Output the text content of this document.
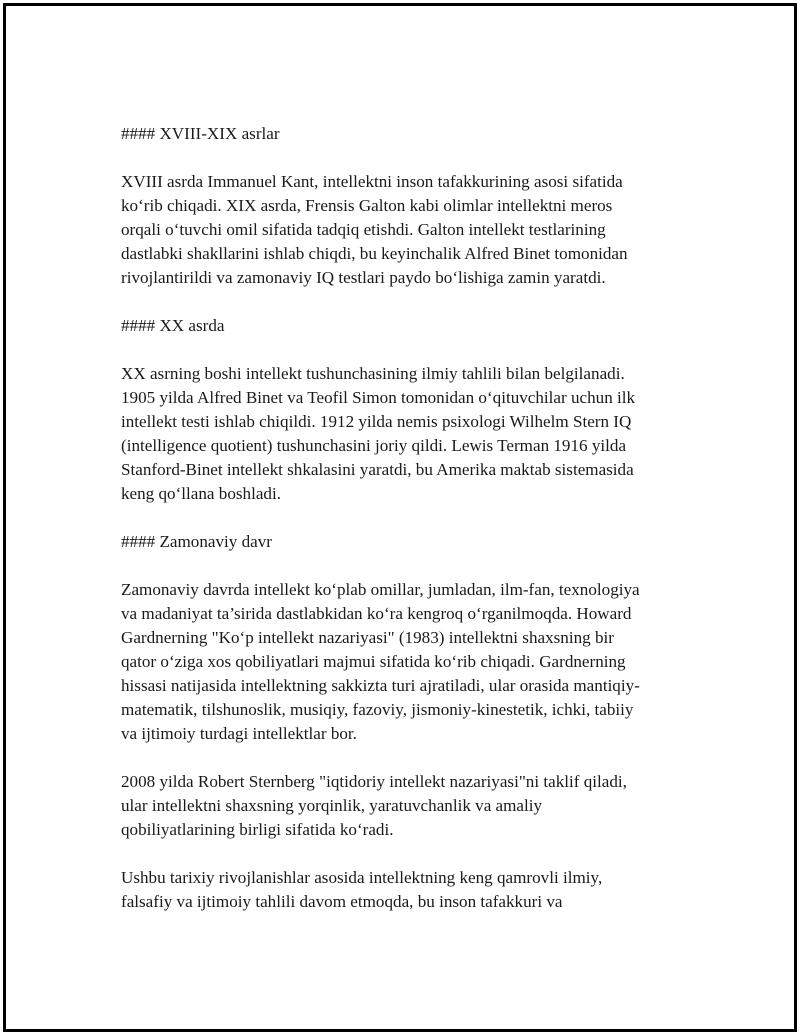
#### XVIII-XIX asrlar

XVIII asrda Immanuel Kant, intellektni inson tafakkurining asosi sifatida
ko‘rib chiqadi. XIX asrda, Frensis Galton kabi olimlar intellektni meros
orqali o‘tuvchi omil sifatida tadqiq etishdi. Galton intellekt testlarining
dastlabki shakllarini ishlab chiqdi, bu keyinchalik Alfred Binet tomonidan
rivojlantirildi va zamonaviy IQ testlari paydo bo‘lishiga zamin yaratdi.

#### XX asrda

XX asrning boshi intellekt tushunchasining ilmiy tahlili bilan belgilanadi.
1905 yilda Alfred Binet va Teofil Simon tomonidan o‘qituvchilar uchun ilk
intellekt testi ishlab chiqildi. 1912 yilda nemis psixologi Wilhelm Stern IQ
(intelligence quotient) tushunchasini joriy qildi. Lewis Terman 1916 yilda
Stanford-Binet intellekt shkalasini yaratdi, bu Amerika maktab sistemasida
keng qo‘llana boshladi.

#### Zamonaviy davr

Zamonaviy davrda intellekt ko‘plab omillar, jumladan, ilm-fan, texnologiya
va madaniyat ta’sirida dastlabkidan ko‘ra kengroq o‘rganilmoqda. Howard
Gardnerning "Ko‘p intellekt nazariyasi" (1983) intellektni shaxsning bir
qator o‘ziga xos qobiliyatlari majmui sifatida ko‘rib chiqadi. Gardnerning
hissasi natijasida intellektning sakkizta turi ajratiladi, ular orasida mantiqiy-
matematik, tilshunoslik, musiqiy, fazoviy, jismoniy-kinestetik, ichki, tabiiy
va ijtimoiy turdagi intellektlar bor.

2008 yilda Robert Sternberg "iqtidoriy intellekt nazariyasi"ni taklif qiladi,
ular intellektni shaxsning yorqinlik, yaratuvchanlik va amaliy
qobiliyatlarining birligi sifatida ko‘radi.

Ushbu tarixiy rivojlanishlar asosida intellektning keng qamrovli ilmiy,
falsafiy va ijtimoiy tahlili davom etmoqda, bu inson tafakkuri va
